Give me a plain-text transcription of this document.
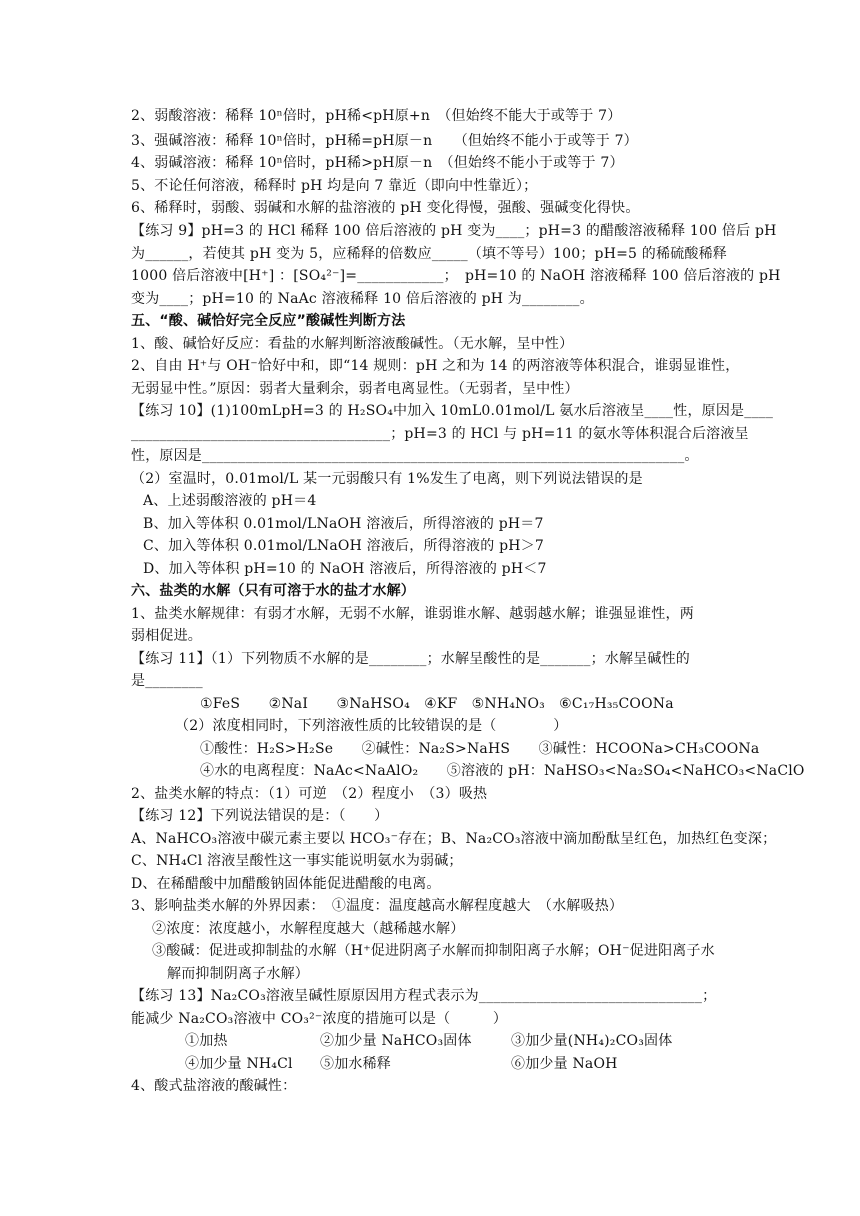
2、弱酸溶液：稀释 10ⁿ倍时，pH稀<pH原+n　（但始终不能大于或等于 7）
3、强碱溶液：稀释 10ⁿ倍时，pH稀=pH原－n　　（但始终不能小于或等于 7）
4、弱碱溶液：稀释 10ⁿ倍时，pH稀>pH原－n　（但始终不能小于或等于 7）
5、不论任何溶液，稀释时 pH 均是向 7 靠近（即向中性靠近）；
6、稀释时，弱酸、弱碱和水解的盐溶液的 pH 变化得慢，强酸、强碱变化得快。
【练习 9】pH=3 的 HCl 稀释 100 倍后溶液的 pH 变为____；pH=3 的醋酸溶液稀释 100 倍后 pH
为______，若使其 pH 变为 5，应稀释的倍数应_____（填不等号）100；pH=5 的稀硫酸稀释
1000 倍后溶液中[H⁺] ：[SO₄²⁻]=____________；　pH=10 的 NaOH 溶液稀释 100 倍后溶液的 pH
变为____；pH=10 的 NaAc 溶液稀释 10 倍后溶液的 pH 为________。
五、“酸、碱恰好完全反应”酸碱性判断方法
1、酸、碱恰好反应：看盐的水解判断溶液酸碱性。（无水解，呈中性）
2、自由 H⁺与 OH⁻恰好中和，即“14 规则：pH 之和为 14 的两溶液等体积混合，谁弱显谁性，
无弱显中性。”原因：弱者大量剩余，弱者电离显性。（无弱者，呈中性）
【练习 10】(1)100mLpH=3 的 H₂SO₄中加入 10mL0.01mol/L 氨水后溶液呈____性，原因是____
____________________________________；pH=3 的 HCl 与 pH=11 的氨水等体积混合后溶液呈
性，原因是___________________________________________________________________。
（2）室温时，0.01mol/L 某一元弱酸只有 1%发生了电离，则下列说法错误的是
A、上述弱酸溶液的 pH＝4
B、加入等体积 0.01mol/LNaOH 溶液后，所得溶液的 pH＝7
C、加入等体积 0.01mol/LNaOH 溶液后，所得溶液的 pH＞7
D、加入等体积 pH=10 的 NaOH 溶液后，所得溶液的 pH＜7
六、盐类的水解（只有可溶于水的盐才水解）
1、盐类水解规律：有弱才水解，无弱不水解，谁弱谁水解、越弱越水解；谁强显谁性，两
弱相促进。
【练习 11】（1）下列物质不水解的是________；水解呈酸性的是_______；水解呈碱性的
是________
①FeS　　②NaI　　③NaHSO₄　④KF　⑤NH₄NO₃　⑥C₁₇H₃₅COONa
（2）浓度相同时，下列溶液性质的比较错误的是（　　　　）
①酸性：H₂S>H₂Se　　②碱性：Na₂S>NaHS　　③碱性：HCOONa>CH₃COONa
④水的电离程度：NaAc<NaAlO₂　　⑤溶液的 pH：NaHSO₃<Na₂SO₄<NaHCO₃<NaClO
2、盐类水解的特点：（1）可逆　（2）程度小　（3）吸热
【练习 12】下列说法错误的是：（　　）
A、NaHCO₃溶液中碳元素主要以 HCO₃⁻存在；B、Na₂CO₃溶液中滴加酚酞呈红色，加热红色变深；
C、NH₄Cl 溶液呈酸性这一事实能说明氨水为弱碱；
D、在稀醋酸中加醋酸钠固体能促进醋酸的电离。
3、影响盐类水解的外界因素：　①温度：温度越高水解程度越大　（水解吸热）
②浓度：浓度越小，水解程度越大（越稀越水解）
③酸碱：促进或抑制盐的水解（H⁺促进阴离子水解而抑制阳离子水解；OH⁻促进阳离子水
解而抑制阴离子水解）
【练习 13】Na₂CO₃溶液呈碱性原原因用方程式表示为_______________________________；
能减少 Na₂CO₃溶液中 CO₃²⁻浓度的措施可以是（　　　）
①加热	②加少量 NaHCO₃固体	③加少量(NH₄)₂CO₃固体
④加少量 NH₄Cl ⑤加水稀释	⑥加少量 NaOH
4、酸式盐溶液的酸碱性：
